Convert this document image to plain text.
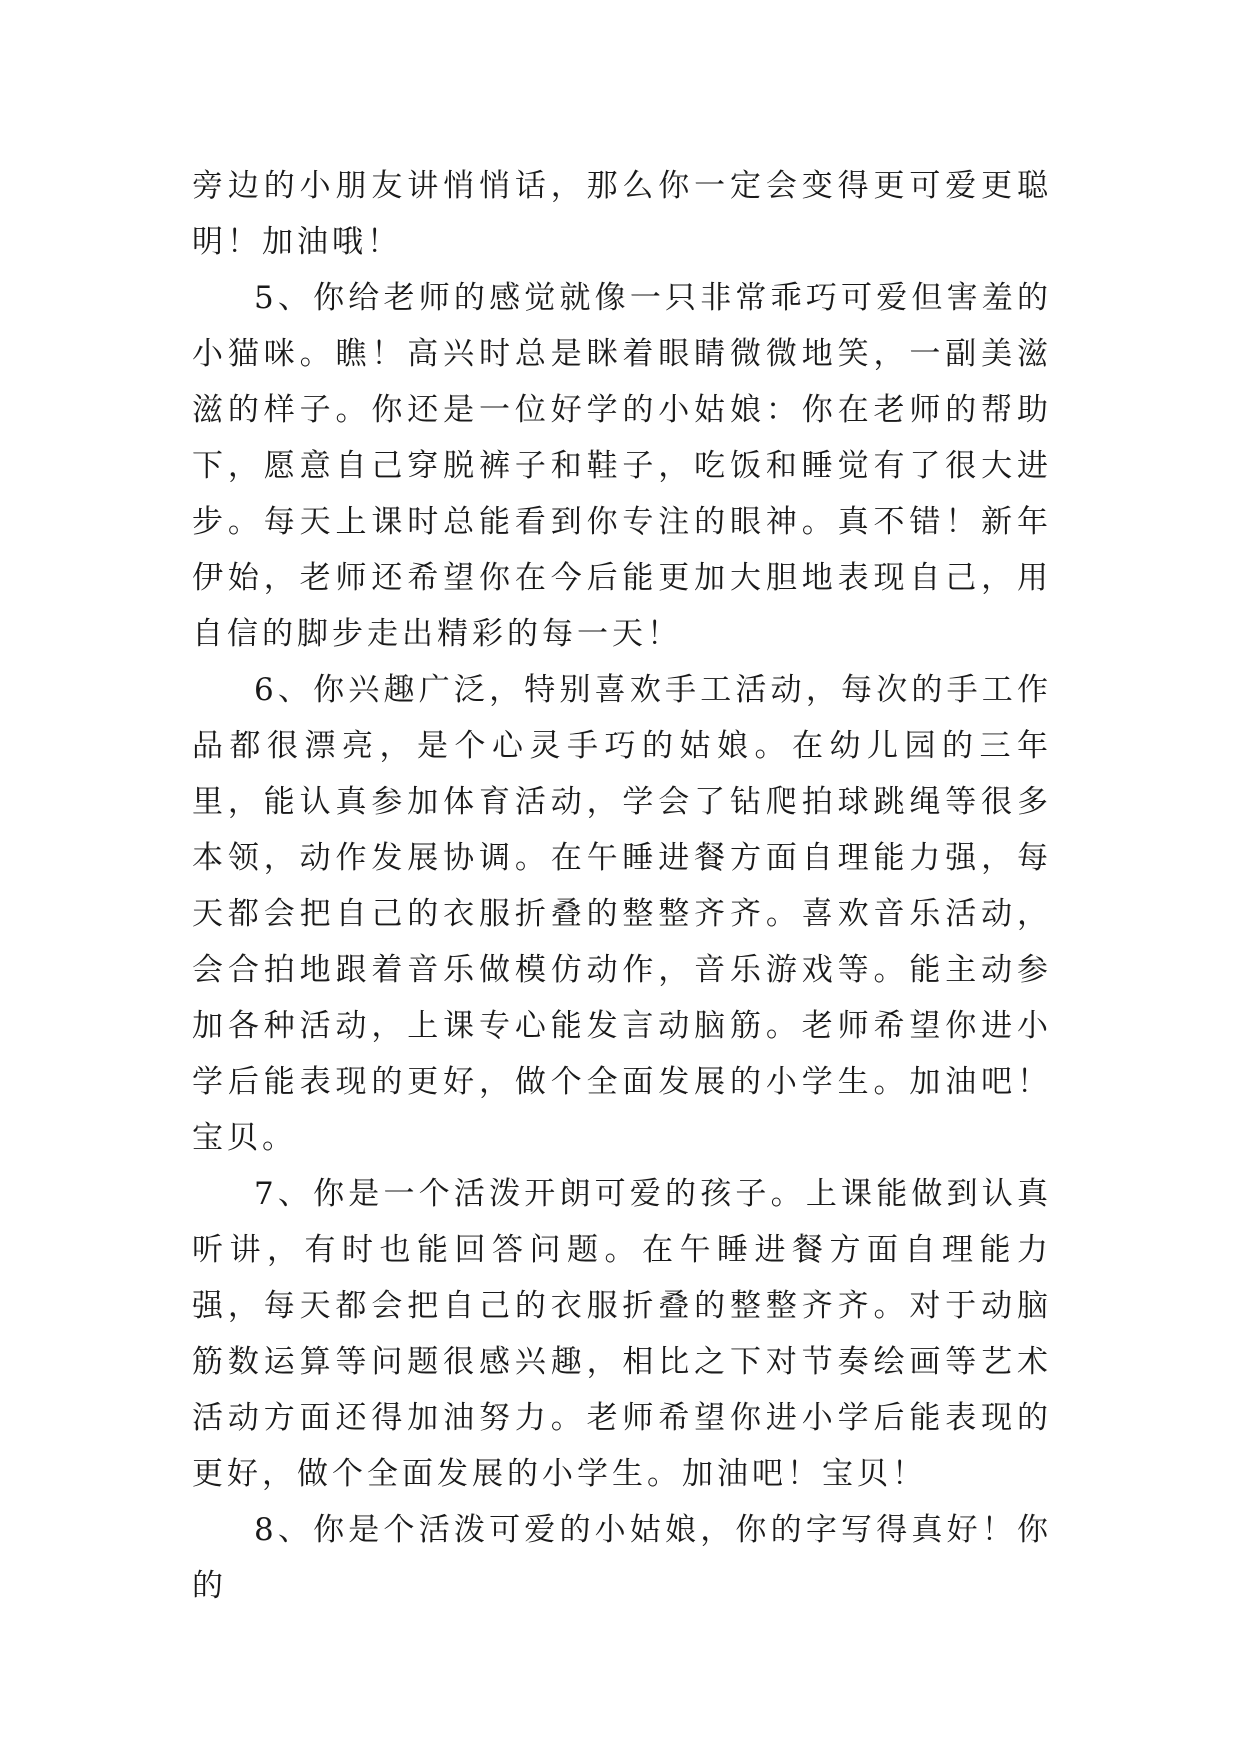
旁边的小朋友讲悄悄话，那么你一定会变得更可爱更聪明！加油哦！

5、你给老师的感觉就像一只非常乖巧可爱但害羞的小猫咪。瞧！高兴时总是眯着眼睛微微地笑，一副美滋滋的样子。你还是一位好学的小姑娘：你在老师的帮助下，愿意自己穿脱裤子和鞋子，吃饭和睡觉有了很大进步。每天上课时总能看到你专注的眼神。真不错！新年伊始，老师还希望你在今后能更加大胆地表现自己，用自信的脚步走出精彩的每一天！

6、你兴趣广泛，特别喜欢手工活动，每次的手工作品都很漂亮，是个心灵手巧的姑娘。在幼儿园的三年里，能认真参加体育活动，学会了钻爬拍球跳绳等很多本领，动作发展协调。在午睡进餐方面自理能力强，每天都会把自己的衣服折叠的整整齐齐。喜欢音乐活动，会合拍地跟着音乐做模仿动作，音乐游戏等。能主动参加各种活动，上课专心能发言动脑筋。老师希望你进小学后能表现的更好，做个全面发展的小学生。加油吧！宝贝。

7、你是一个活泼开朗可爱的孩子。上课能做到认真听讲，有时也能回答问题。在午睡进餐方面自理能力强，每天都会把自己的衣服折叠的整整齐齐。对于动脑筋数运算等问题很感兴趣，相比之下对节奏绘画等艺术活动方面还得加油努力。老师希望你进小学后能表现的更好，做个全面发展的小学生。加油吧！宝贝！

8、你是个活泼可爱的小姑娘，你的字写得真好！你的
